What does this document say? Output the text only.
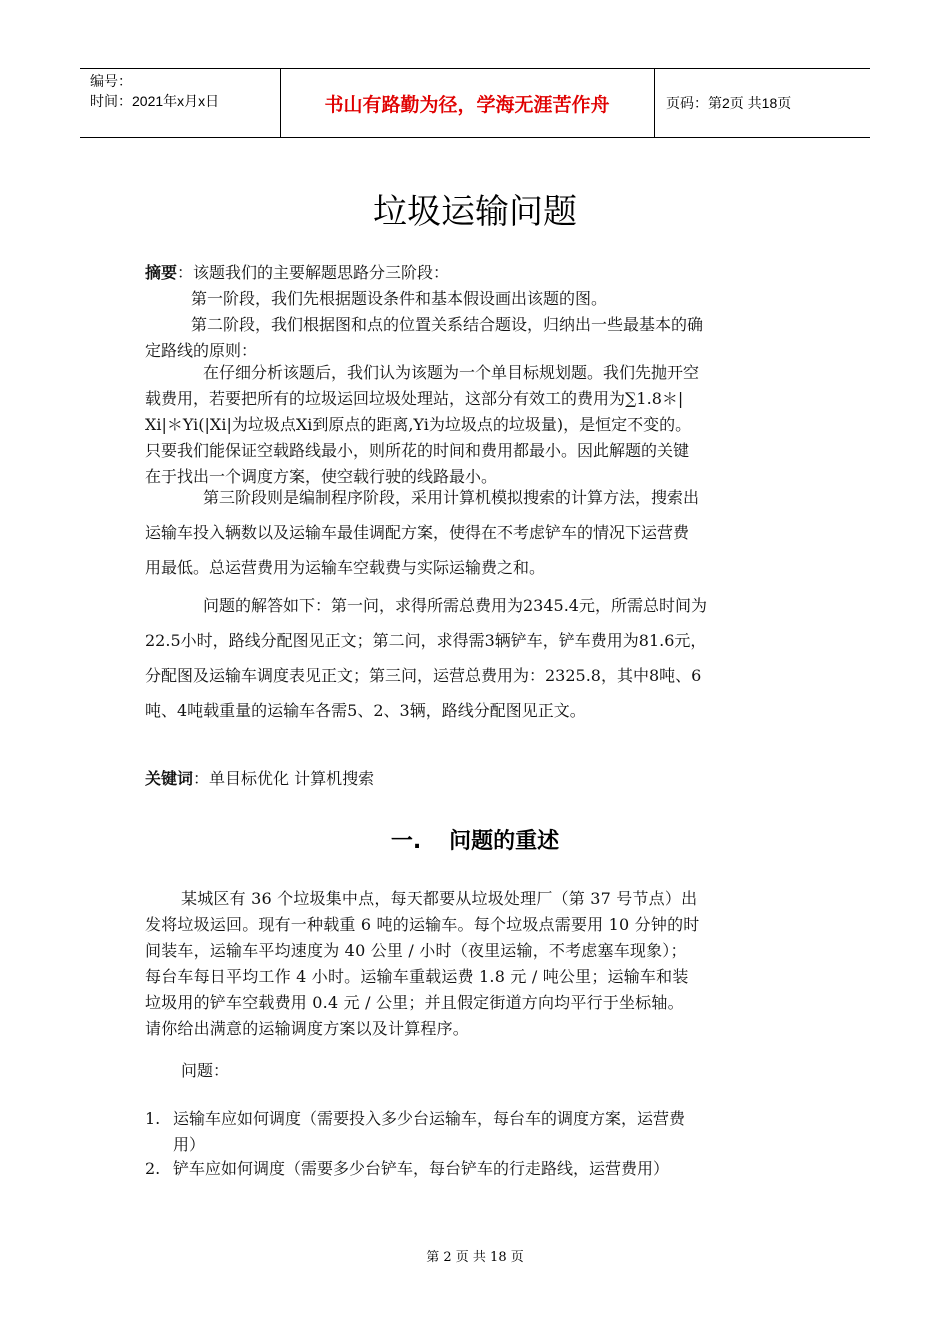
编号：
时间：2021年x月x日	书山有路勤为径，学海无涯苦作舟	页码：第2页 共18页
垃圾运输问题
摘要：该题我们的主要解题思路分三阶段：
第一阶段，我们先根据题设条件和基本假设画出该题的图。
第二阶段，我们根据图和点的位置关系结合题设，归纳出一些最基本的确
定路线的原则：
在仔细分析该题后，我们认为该题为一个单目标规划题。我们先抛开空
载费用，若要把所有的垃圾运回垃圾处理站，这部分有效工的费用为∑1.8＊|
Xi|＊Yi(|Xi|为垃圾点Xi到原点的距离,Yi为垃圾点的垃圾量)，是恒定不变的。
只要我们能保证空载路线最小，则所花的时间和费用都最小。因此解题的关键
在于找出一个调度方案，使空载行驶的线路最小。
第三阶段则是编制程序阶段，采用计算机模拟搜索的计算方法，搜索出
运输车投入辆数以及运输车最佳调配方案，使得在不考虑铲车的情况下运营费
用最低。总运营费用为运输车空载费与实际运输费之和。
问题的解答如下：第一问，求得所需总费用为2345.4元，所需总时间为
22.5小时，路线分配图见正文；第二问，求得需3辆铲车，铲车费用为81.6元，
分配图及运输车调度表见正文；第三问，运营总费用为：2325.8，其中8吨、6
吨、4吨载重量的运输车各需5、2、3辆，路线分配图见正文。
关键词：单目标优化 计算机搜索
一. 问题的重述
某城区有 36 个垃圾集中点，每天都要从垃圾处理厂（第 37 号节点）出
发将垃圾运回。现有一种载重 6 吨的运输车。每个垃圾点需要用 10 分钟的时
间装车，运输车平均速度为 40 公里 / 小时（夜里运输，不考虑塞车现象）；
每台车每日平均工作 4 小时。运输车重载运费 1.8 元 / 吨公里；运输车和装
垃圾用的铲车空载费用 0.4 元 / 公里；并且假定街道方向均平行于坐标轴。
请你给出满意的运输调度方案以及计算程序。
问题：
1. 运输车应如何调度（需要投入多少台运输车，每台车的调度方案，运营费
用）
2. 铲车应如何调度（需要多少台铲车，每台铲车的行走路线，运营费用）
第 2 页 共 18 页
